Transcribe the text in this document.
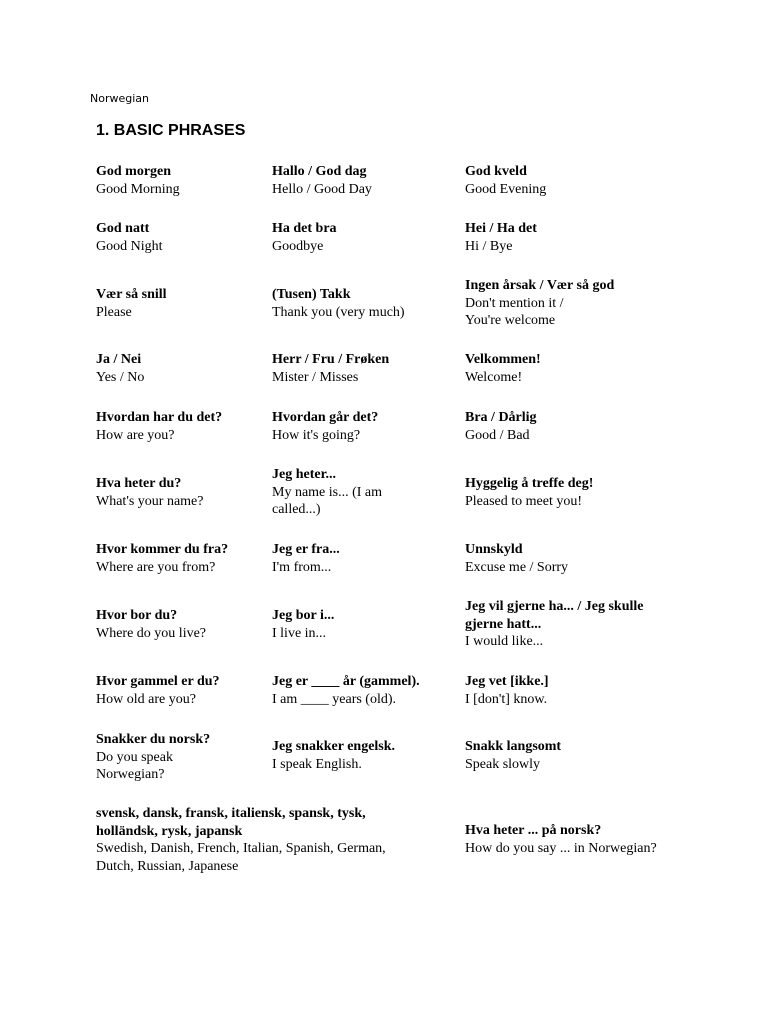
Norwegian
1. BASIC PHRASES
God morgen
Good Morning
Hallo / God dag
Hello / Good Day
God kveld
Good Evening
God natt
Good Night
Ha det bra
Goodbye
Hei / Ha det
Hi / Bye
Vær så snill
Please
(Tusen) Takk
Thank you (very much)
Ingen årsak / Vær så god
Don't mention it /
You're welcome
Ja / Nei
Yes / No
Herr / Fru / Frøken
Mister / Misses
Velkommen!
Welcome!
Hvordan har du det?
How are you?
Hvordan går det?
How it's going?
Bra / Dårlig
Good / Bad
Hva heter du?
What's your name?
Jeg heter...
My name is... (I am
called...)
Hyggelig å treffe deg!
Pleased to meet you!
Hvor kommer du fra?
Where are you from?
Jeg er fra...
I'm from...
Unnskyld
Excuse me / Sorry
Hvor bor du?
Where do you live?
Jeg bor i...
I live in...
Jeg vil gjerne ha... / Jeg skulle
gjerne hatt...
I would like...
Hvor gammel er du?
How old are you?
Jeg er ____ år (gammel).
I am ____ years (old).
Jeg vet [ikke.]
I [don't] know.
Snakker du norsk?
Do you speak
Norwegian?
Jeg snakker engelsk.
I speak English.
Snakk langsomt
Speak slowly
svensk, dansk, fransk, italiensk, spansk, tysk,
holländsk, rysk, japansk
Swedish, Danish, French, Italian, Spanish, German,
Dutch, Russian, Japanese
Hva heter ... på norsk?
How do you say ... in Norwegian?
